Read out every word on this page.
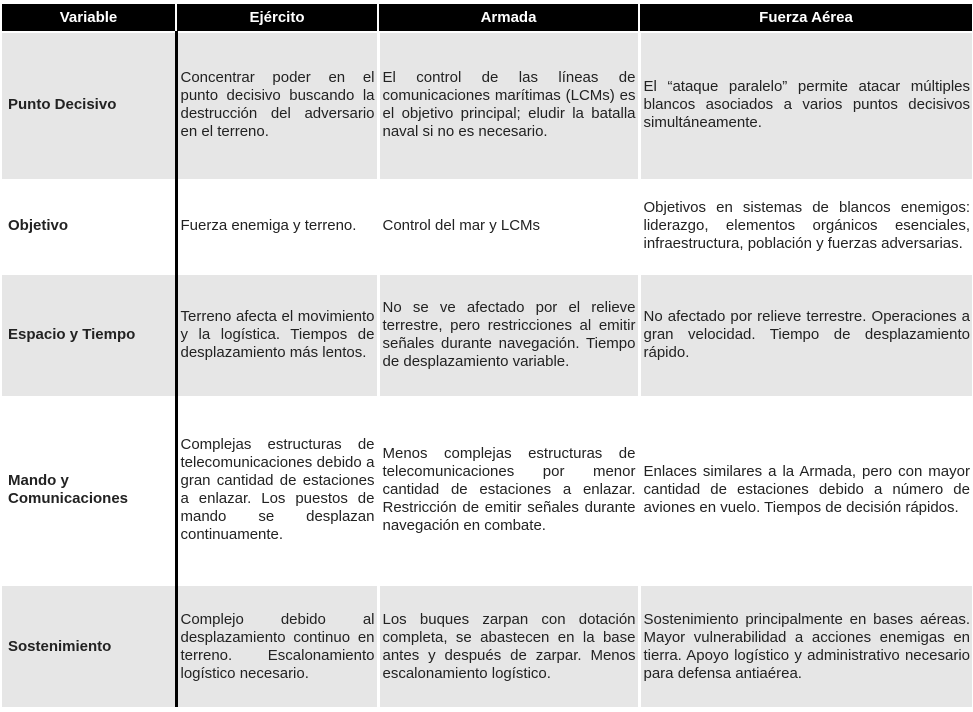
Variable	Ejército	Armada	Fuerza Aérea
Punto Decisivo	Concentrar poder en el punto decisivo buscando la destrucción del adversario en el terreno.	El control de las líneas de comunicaciones marítimas (LCMs) es el objetivo principal; eludir la batalla naval si no es necesario.	El “ataque paralelo” permite atacar múltiples blancos asociados a varios puntos decisivos simultáneamente.
Objetivo	Fuerza enemiga y terreno.	Control del mar y LCMs	Objetivos en sistemas de blancos enemigos: liderazgo, elementos orgánicos esenciales, infraestructura, población y fuerzas adversarias.
Espacio y Tiempo	Terreno afecta el movimiento y la logística. Tiempos de desplazamiento más lentos.	No se ve afectado por el relieve terrestre, pero restricciones al emitir señales durante navegación. Tiempo de desplazamiento variable.	No afectado por relieve terrestre. Operaciones a gran velocidad. Tiempo de desplazamiento rápido.
Mando y Comunicaciones	Complejas estructuras de telecomunicaciones debido a gran cantidad de estaciones a enlazar. Los puestos de mando se desplazan continuamente.	Menos complejas estructuras de telecomunicaciones por menor cantidad de estaciones a enlazar. Restricción de emitir señales durante navegación en combate.	Enlaces similares a la Armada, pero con mayor cantidad de estaciones debido a número de aviones en vuelo. Tiempos de decisión rápidos.
Sostenimiento	Complejo debido al desplazamiento continuo en terreno. Escalonamiento logístico necesario.	Los buques zarpan con dotación completa, se abastecen en la base antes y después de zarpar. Menos escalonamiento logístico.	Sostenimiento principalmente en bases aéreas. Mayor vulnerabilidad a acciones enemigas en tierra. Apoyo logístico y administrativo necesario para defensa antiaérea.
